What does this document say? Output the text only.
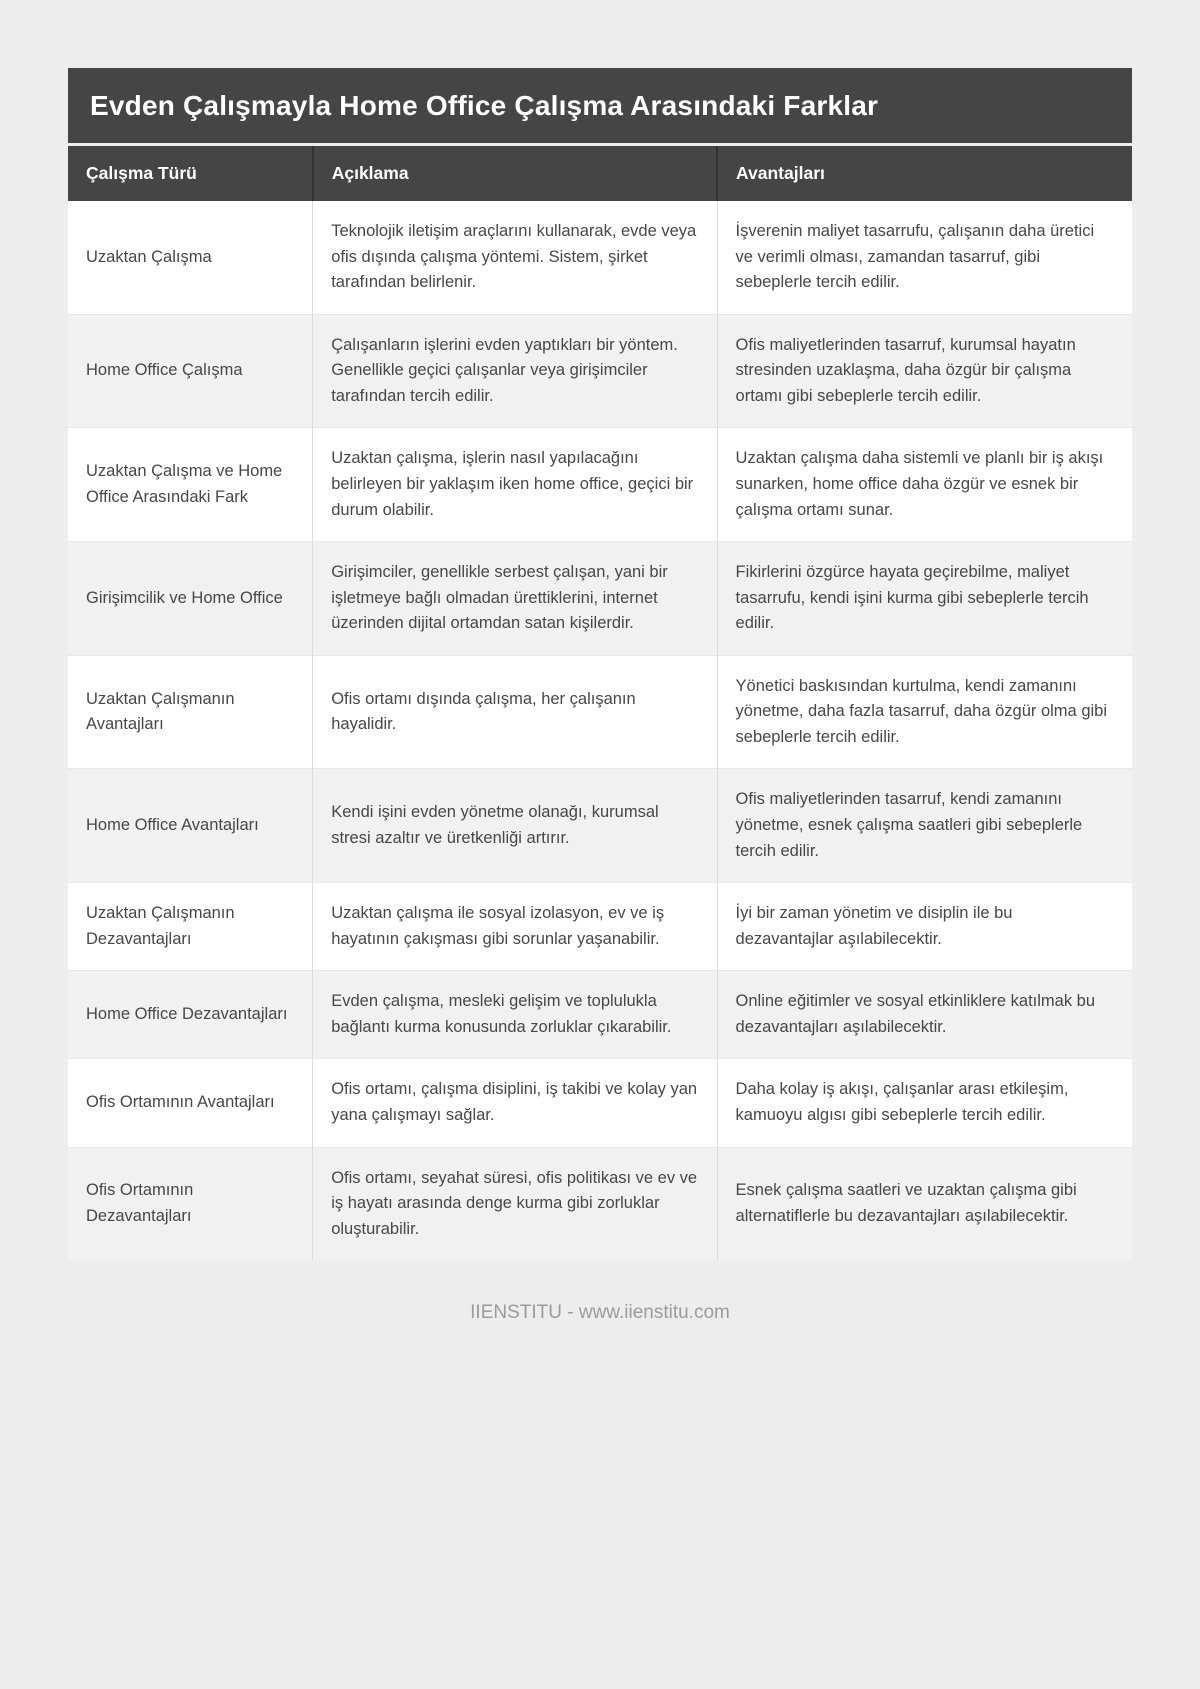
Evden Çalışmayla Home Office Çalışma Arasındaki Farklar
Çalışma Türü	Açıklama	Avantajları
Uzaktan Çalışma	Teknolojik iletişim araçlarını kullanarak, evde veya ofis dışında çalışma yöntemi. Sistem, şirket tarafından belirlenir.	İşverenin maliyet tasarrufu, çalışanın daha üretici ve verimli olması, zamandan tasarruf, gibi sebeplerle tercih edilir.
Home Office Çalışma	Çalışanların işlerini evden yaptıkları bir yöntem. Genellikle geçici çalışanlar veya girişimciler tarafından tercih edilir.	Ofis maliyetlerinden tasarruf, kurumsal hayatın stresinden uzaklaşma, daha özgür bir çalışma ortamı gibi sebeplerle tercih edilir.
Uzaktan Çalışma ve Home Office Arasındaki Fark	Uzaktan çalışma, işlerin nasıl yapılacağını belirleyen bir yaklaşım iken home office, geçici bir durum olabilir.	Uzaktan çalışma daha sistemli ve planlı bir iş akışı sunarken, home office daha özgür ve esnek bir çalışma ortamı sunar.
Girişimcilik ve Home Office	Girişimciler, genellikle serbest çalışan, yani bir işletmeye bağlı olmadan ürettiklerini, internet üzerinden dijital ortamdan satan kişilerdir.	Fikirlerini özgürce hayata geçirebilme, maliyet tasarrufu, kendi işini kurma gibi sebeplerle tercih edilir.
Uzaktan Çalışmanın Avantajları	Ofis ortamı dışında çalışma, her çalışanın hayalidir.	Yönetici baskısından kurtulma, kendi zamanını yönetme, daha fazla tasarruf, daha özgür olma gibi sebeplerle tercih edilir.
Home Office Avantajları	Kendi işini evden yönetme olanağı, kurumsal stresi azaltır ve üretkenliği artırır.	Ofis maliyetlerinden tasarruf, kendi zamanını yönetme, esnek çalışma saatleri gibi sebeplerle tercih edilir.
Uzaktan Çalışmanın Dezavantajları	Uzaktan çalışma ile sosyal izolasyon, ev ve iş hayatının çakışması gibi sorunlar yaşanabilir.	İyi bir zaman yönetim ve disiplin ile bu dezavantajlar aşılabilecektir.
Home Office Dezavantajları	Evden çalışma, mesleki gelişim ve toplulukla bağlantı kurma konusunda zorluklar çıkarabilir.	Online eğitimler ve sosyal etkinliklere katılmak bu dezavantajları aşılabilecektir.
Ofis Ortamının Avantajları	Ofis ortamı, çalışma disiplini, iş takibi ve kolay yan yana çalışmayı sağlar.	Daha kolay iş akışı, çalışanlar arası etkileşim, kamuoyu algısı gibi sebeplerle tercih edilir.
Ofis Ortamının Dezavantajları	Ofis ortamı, seyahat süresi, ofis politikası ve ev ve iş hayatı arasında denge kurma gibi zorluklar oluşturabilir.	Esnek çalışma saatleri ve uzaktan çalışma gibi alternatiflerle bu dezavantajları aşılabilecektir.
IIENSTITU - www.iienstitu.com
